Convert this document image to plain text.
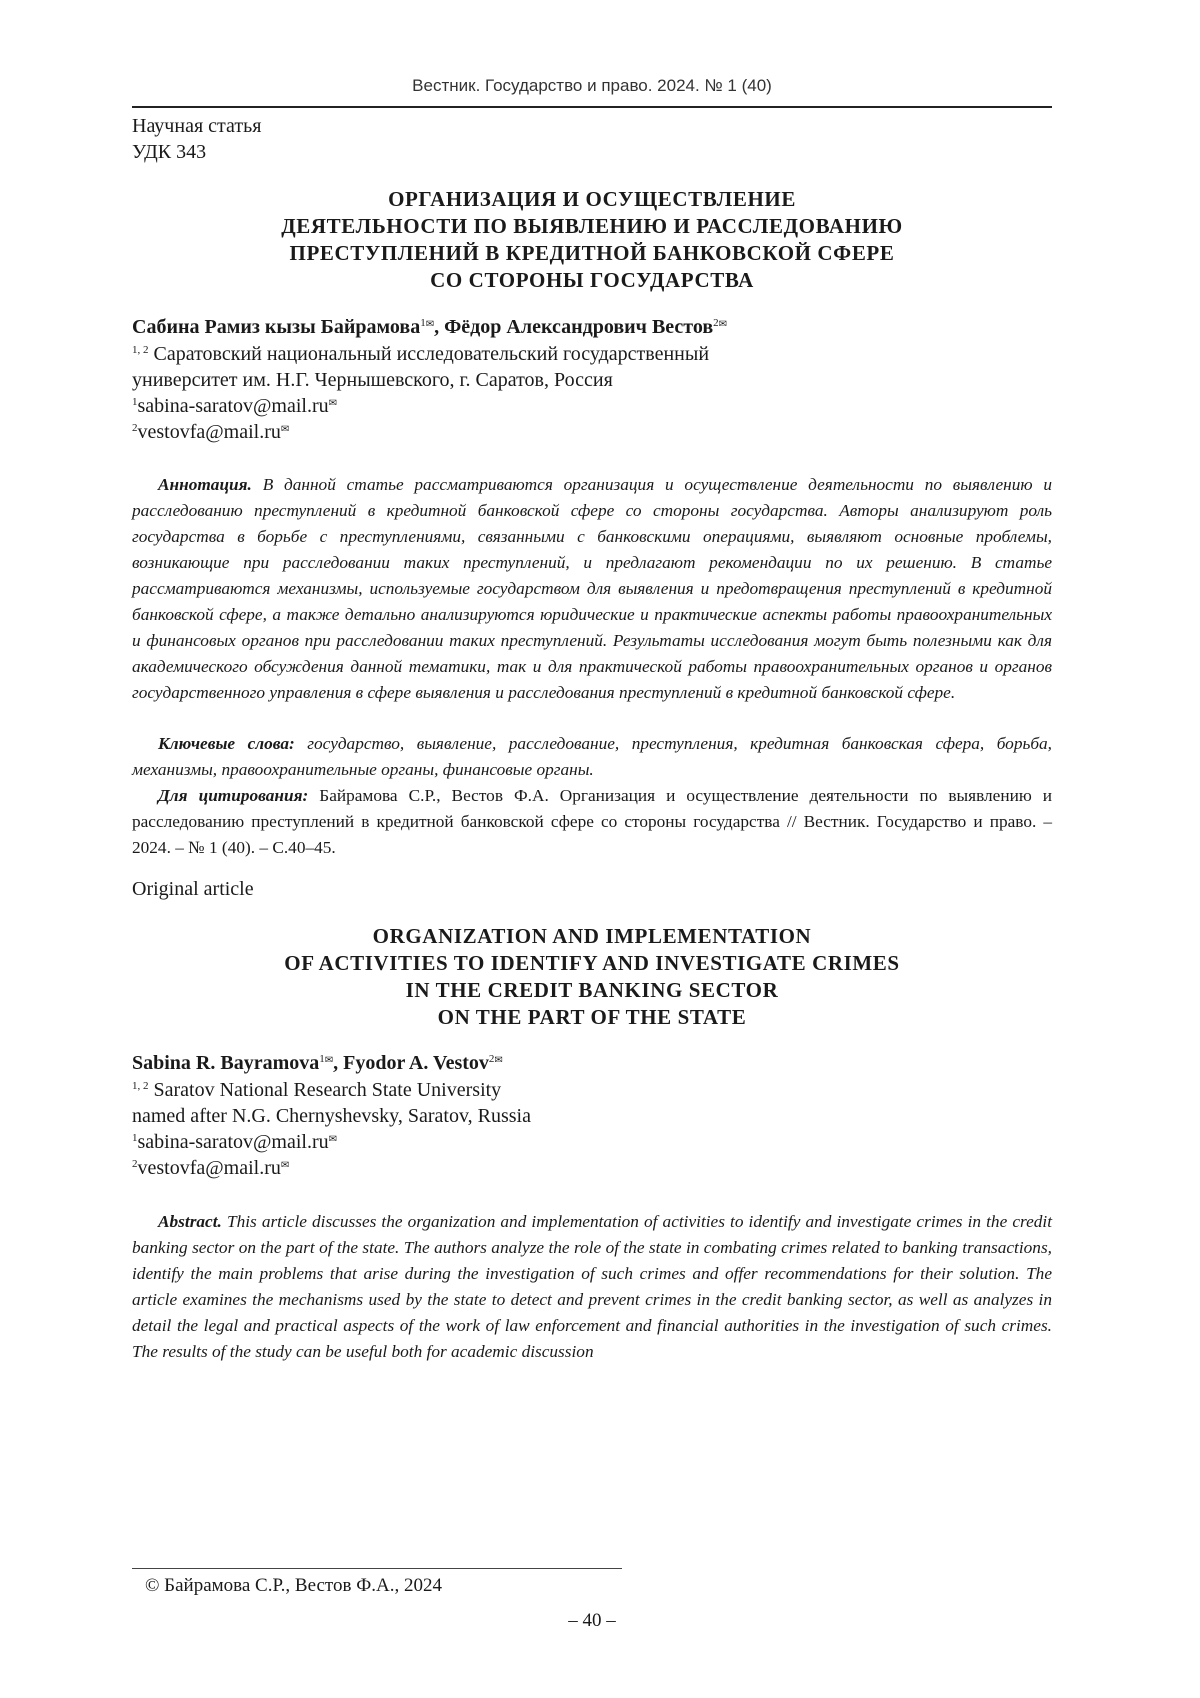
Вестник. Государство и право. 2024. № 1 (40)
Научная статья
УДК 343
ОРГАНИЗАЦИЯ И ОСУЩЕСТВЛЕНИЕ
ДЕЯТЕЛЬНОСТИ ПО ВЫЯВЛЕНИЮ И РАССЛЕДОВАНИЮ
ПРЕСТУПЛЕНИЙ В КРЕДИТНОЙ БАНКОВСКОЙ СФЕРЕ
СО СТОРОНЫ ГОСУДАРСТВА
Сабина Рамиз кызы Байрамова$^{1✉}$, Фёдор Александрович Вестов$^{2✉}$
$^{1, 2}$ Саратовский национальный исследовательский государственный
университет им. Н.Г. Чернышевского, г. Саратов, Россия
$^1$sabina-saratov@mail.ru✉
$^2$vestovfa@mail.ru✉
Аннотация. В данной статье рассматриваются организация и осуществление деятельности по выявлению и расследованию преступлений в кредитной банковской сфере со стороны государства. Авторы анализируют роль государства в борьбе с преступлениями, связанными с банковскими операциями, выявляют основные проблемы, возникающие при расследовании таких преступлений, и предлагают рекомендации по их решению. В статье рассматриваются механизмы, используемые государством для выявления и предотвращения преступлений в кредитной банковской сфере, а также детально анализируются юридические и практические аспекты работы правоохранительных и финансовых органов при расследовании таких преступлений. Результаты исследования могут быть полезными как для академического обсуждения данной тематики, так и для практической работы правоохранительных органов и органов государственного управления в сфере выявления и расследования преступлений в кредитной банковской сфере.
Ключевые слова: государство, выявление, расследование, преступления, кредитная банковская сфера, борьба, механизмы, правоохранительные органы, финансовые органы.
Для цитирования: Байрамова С.Р., Вестов Ф.А. Организация и осуществление деятельности по выявлению и расследованию преступлений в кредитной банковской сфере со стороны государства // Вестник. Государство и право. – 2024. – № 1 (40). – С.40–45.
Original article
ORGANIZATION AND IMPLEMENTATION
OF ACTIVITIES TO IDENTIFY AND INVESTIGATE CRIMES
IN THE CREDIT BANKING SECTOR
ON THE PART OF THE STATE
Sabina R. Bayramova$^{1✉}$, Fyodor A. Vestov$^{2✉}$
$^{1, 2}$ Saratov National Research State University
named after N.G. Chernyshevsky, Saratov, Russia
$^1$sabina-saratov@mail.ru✉
$^2$vestovfa@mail.ru✉
Abstract. This article discusses the organization and implementation of activities to identify and investigate crimes in the credit banking sector on the part of the state. The authors analyze the role of the state in combating crimes related to banking transactions, identify the main problems that arise during the investigation of such crimes and offer recommendations for their solution. The article examines the mechanisms used by the state to detect and prevent crimes in the credit banking sector, as well as analyzes in detail the legal and practical aspects of the work of law enforcement and financial authorities in the investigation of such crimes. The results of the study can be useful both for academic discussion
© Байрамова С.Р., Вестов Ф.А., 2024
– 40 –
